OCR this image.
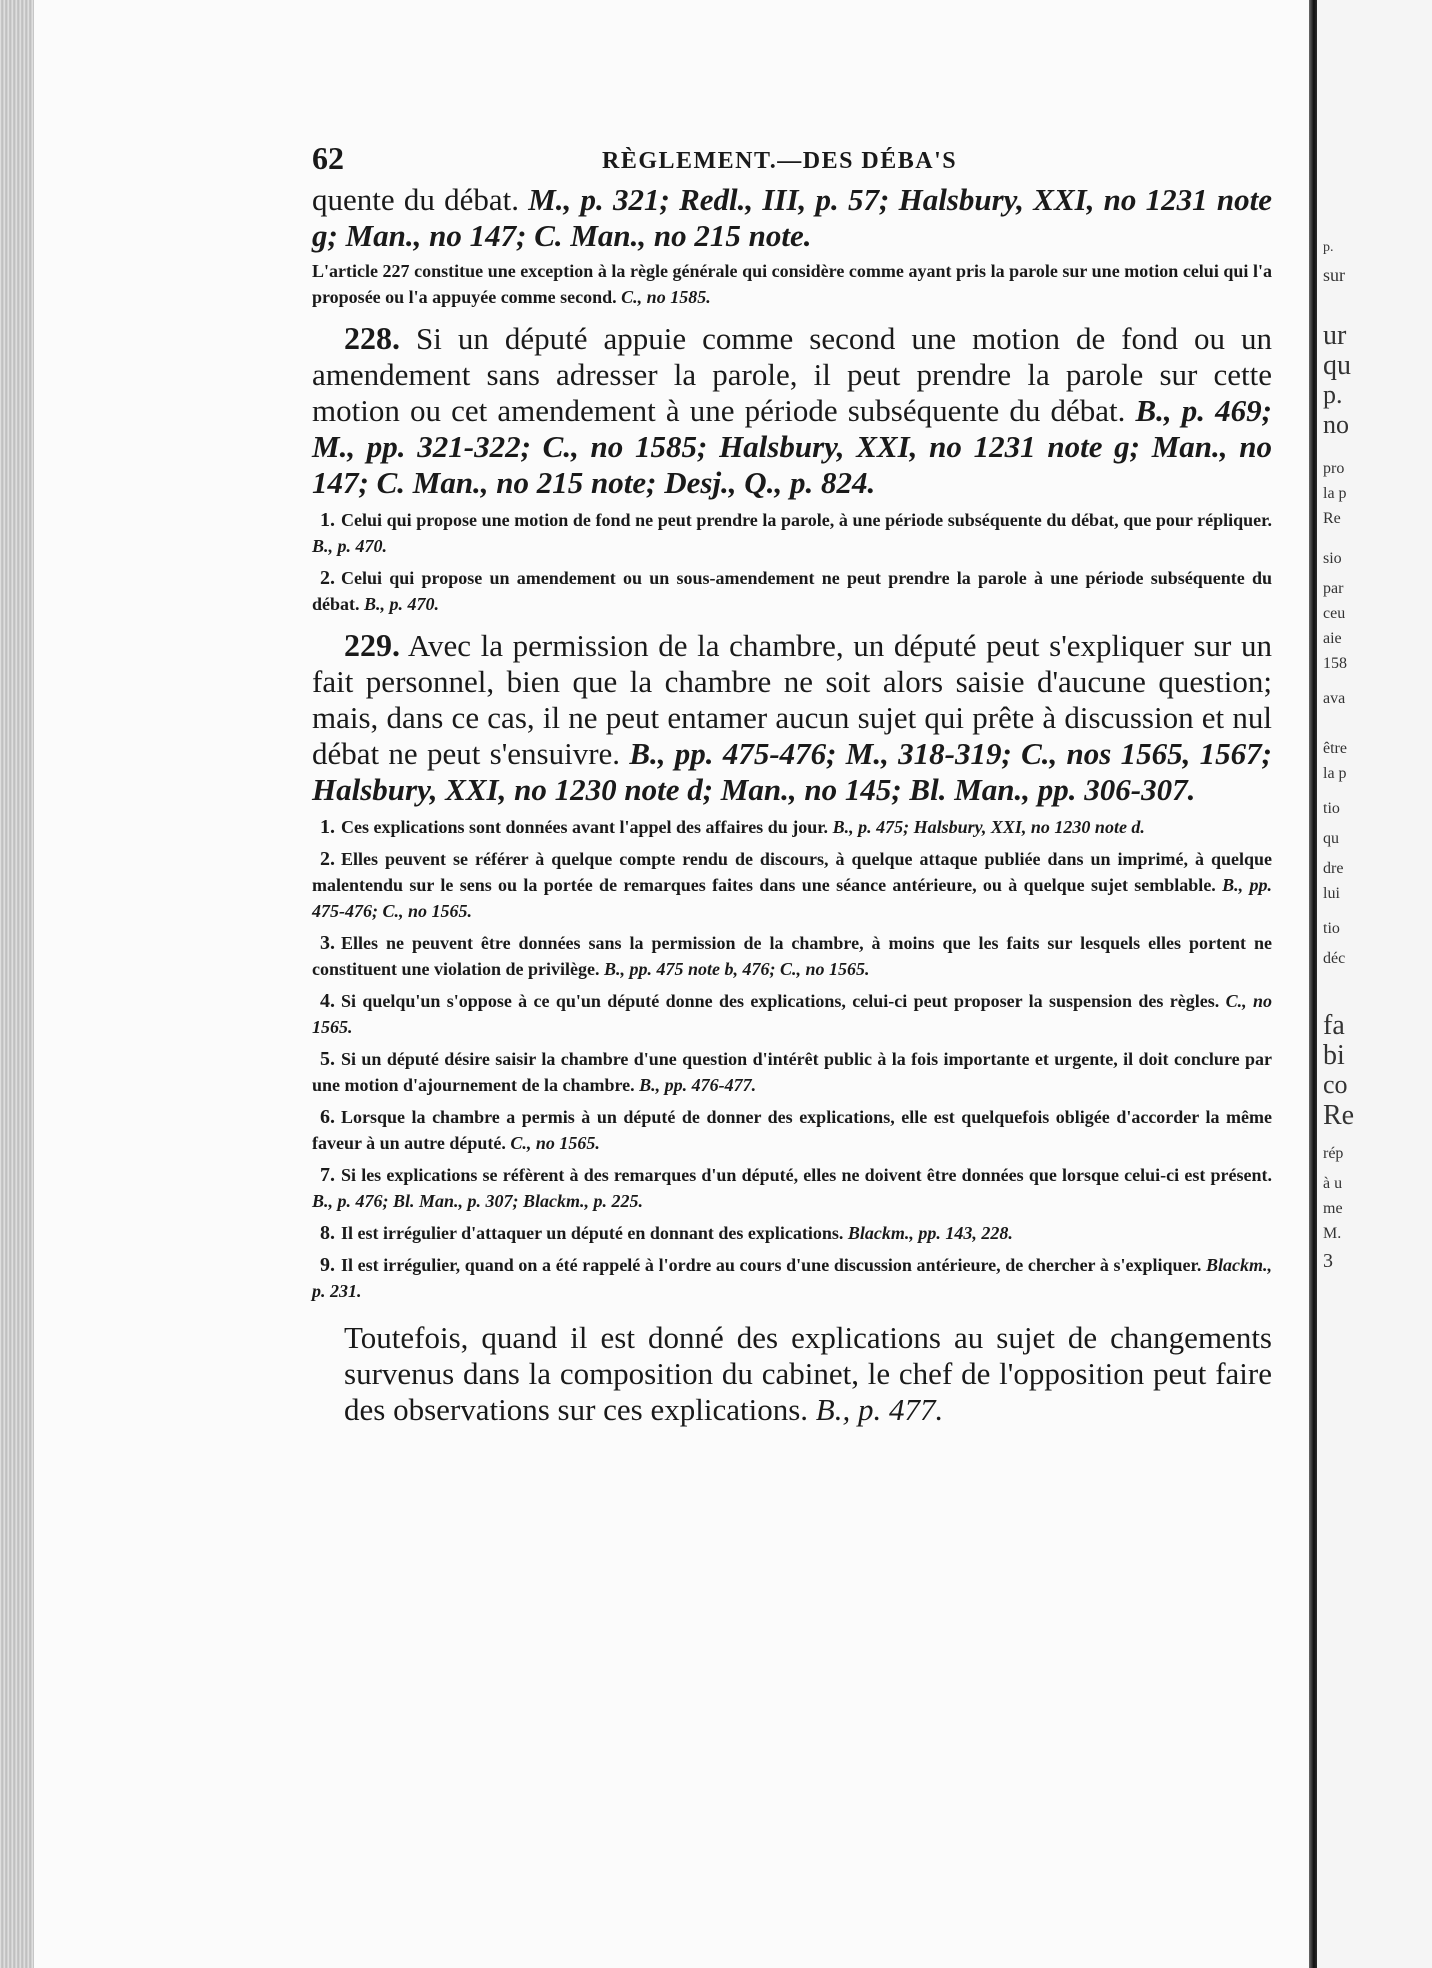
p.
sur
ur
qu
p.
no
pro
la p
Re
sio
par
ceu
aie
158
ava
être
la p
tio
qu
dre
lui
tio
déc
fa
bi
co
Re
rép
à u
me
M.
3
62	RÈGLEMENT.—DES DÉBA'S

quente du débat. M., p. 321; Redl., III, p. 57; Halsbury, XXI, no 1231 note g; Man., no 147; C. Man., no 215 note.

L'article 227 constitue une exception à la règle générale qui considère comme ayant pris la parole sur une motion celui qui l'a proposée ou l'a appuyée comme second. C., no 1585.

228. Si un député appuie comme second une motion de fond ou un amendement sans adresser la parole, il peut prendre la parole sur cette motion ou cet amendement à une période subséquente du débat. B., p. 469; M., pp. 321-322; C., no 1585; Halsbury, XXI, no 1231 note g; Man., no 147; C. Man., no 215 note; Desj., Q., p. 824.

1. Celui qui propose une motion de fond ne peut prendre la parole, à une période subséquente du débat, que pour répliquer. B., p. 470.

2. Celui qui propose un amendement ou un sous-amendement ne peut prendre la parole à une période subséquente du débat. B., p. 470.

229. Avec la permission de la chambre, un député peut s'expliquer sur un fait personnel, bien que la chambre ne soit alors saisie d'aucune question; mais, dans ce cas, il ne peut entamer aucun sujet qui prête à discussion et nul débat ne peut s'ensuivre. B., pp. 475-476; M., 318-319; C., nos 1565, 1567; Halsbury, XXI, no 1230 note d; Man., no 145; Bl. Man., pp. 306-307.

1. Ces explications sont données avant l'appel des affaires du jour. B., p. 475; Halsbury, XXI, no 1230 note d.

2. Elles peuvent se référer à quelque compte rendu de discours, à quelque attaque publiée dans un imprimé, à quelque malentendu sur le sens ou la portée de remarques faites dans une séance antérieure, ou à quelque sujet semblable. B., pp. 475-476; C., no 1565.

3. Elles ne peuvent être données sans la permission de la chambre, à moins que les faits sur lesquels elles portent ne constituent une violation de privilège. B., pp. 475 note b, 476; C., no 1565.

4. Si quelqu'un s'oppose à ce qu'un député donne des explications, celui-ci peut proposer la suspension des règles. C., no 1565.

5. Si un député désire saisir la chambre d'une question d'intérêt public à la fois importante et urgente, il doit conclure par une motion d'ajournement de la chambre. B., pp. 476-477.

6. Lorsque la chambre a permis à un député de donner des explications, elle est quelquefois obligée d'accorder la même faveur à un autre député. C., no 1565.

7. Si les explications se réfèrent à des remarques d'un député, elles ne doivent être données que lorsque celui-ci est présent. B., p. 476; Bl. Man., p. 307; Blackm., p. 225.

8. Il est irrégulier d'attaquer un député en donnant des explications. Blackm., pp. 143, 228.

9. Il est irrégulier, quand on a été rappelé à l'ordre au cours d'une discussion antérieure, de chercher à s'expliquer. Blackm., p. 231.

Toutefois, quand il est donné des explications au sujet de changements survenus dans la composition du cabinet, le chef de l'opposition peut faire des observations sur ces explications. B., p. 477.
